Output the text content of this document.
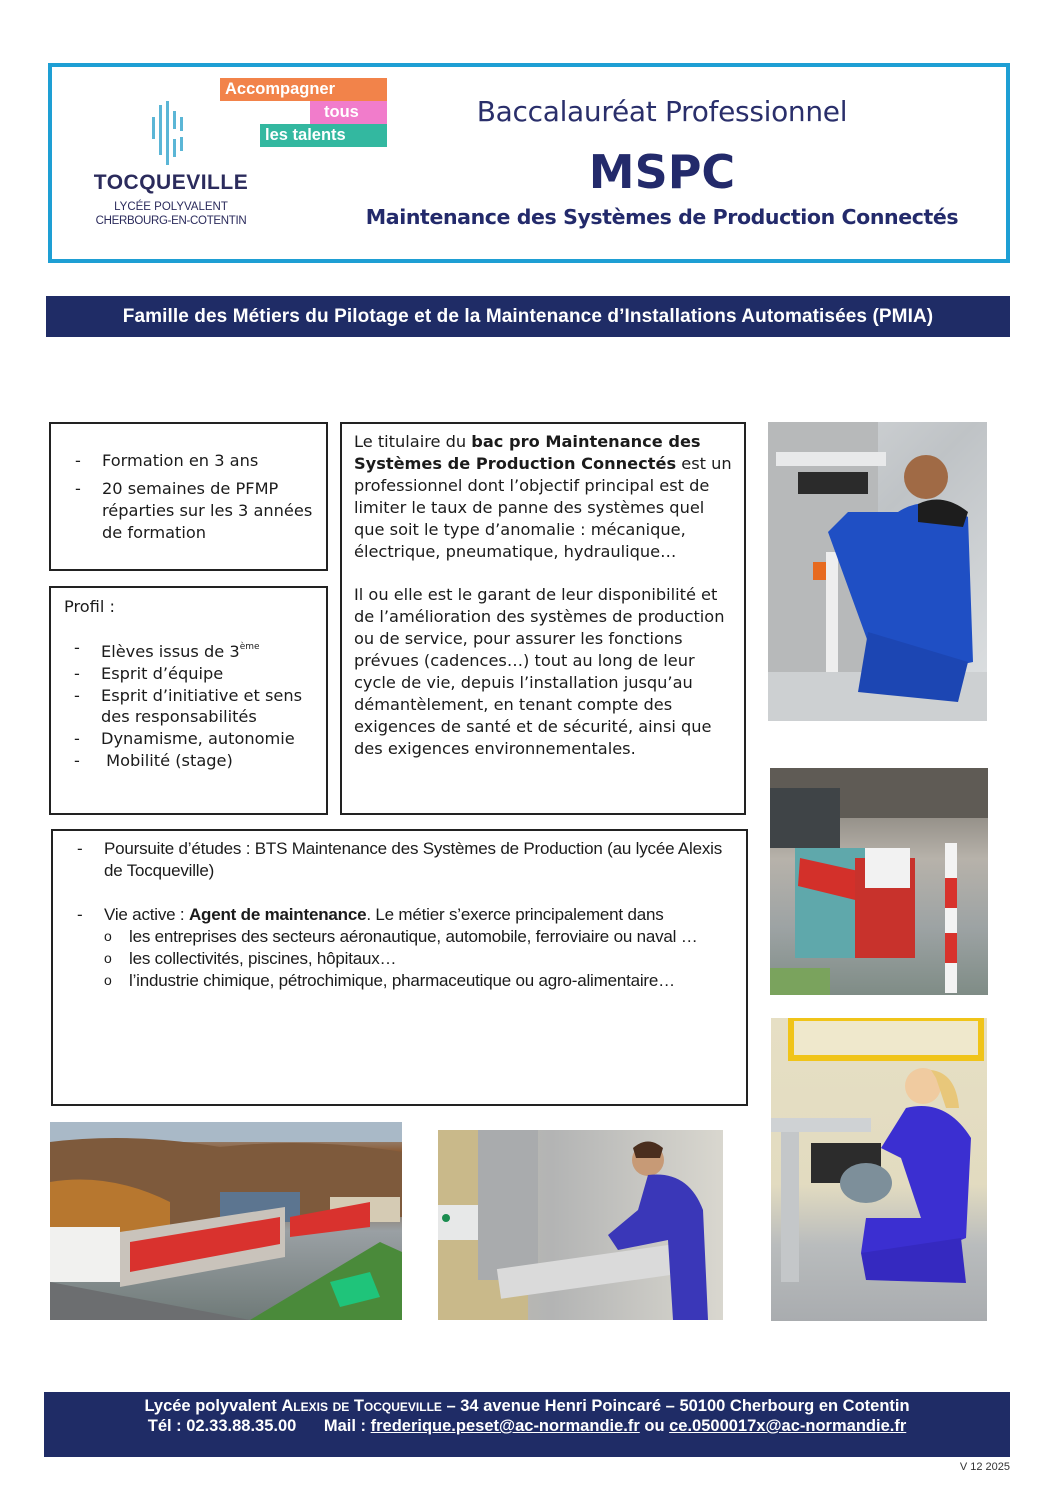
TOCQUEVILLE
LYCÉE POLYVALENT
CHERBOURG-EN-COTENTIN
Accompagner
tous
les talents
Baccalauréat Professionnel
MSPC
Maintenance des Systèmes de Production Connectés
Famille des Métiers du Pilotage et de la Maintenance d’Installations Automatisées (PMIA)
- Formation en 3 ans
- 20 semaines de PFMP réparties sur les 3 années de formation
Profil :
- Elèves issus de 3ème
- Esprit d’équipe
- Esprit d’initiative et sens des responsabilités
- Dynamisme, autonomie
-  Mobilité (stage)

Le titulaire du bac pro Maintenance des Systèmes de Production Connectés est un professionnel dont l’objectif principal est de limiter le taux de panne des systèmes quel que soit le type d’anomalie : mécanique, électrique, pneumatique, hydraulique…

Il ou elle est le garant de leur disponibilité et de l’amélioration des systèmes de production ou de service, pour assurer les fonctions prévues (cadences…) tout au long de leur cycle de vie, depuis l’installation jusqu’au démantèlement, en tenant compte des exigences de santé et de sécurité, ainsi que des exigences environnementales.

- Poursuite d’études : BTS Maintenance des Systèmes de Production (au lycée Alexis de Tocqueville)
- Vie active : Agent de maintenance. Le métier s’exerce principalement dans
o les entreprises des secteurs aéronautique, automobile, ferroviaire ou naval …
o les collectivités, piscines, hôpitaux…
o l’industrie chimique, pétrochimique, pharmaceutique ou agro-alimentaire…
Lycée polyvalent Alexis de Tocqueville – 34 avenue Henri Poincaré – 50100 Cherbourg en Cotentin
Tél : 02.33.88.35.00 Mail : frederique.peset@ac-normandie.fr ou ce.0500017x@ac-normandie.fr
V 12 2025
